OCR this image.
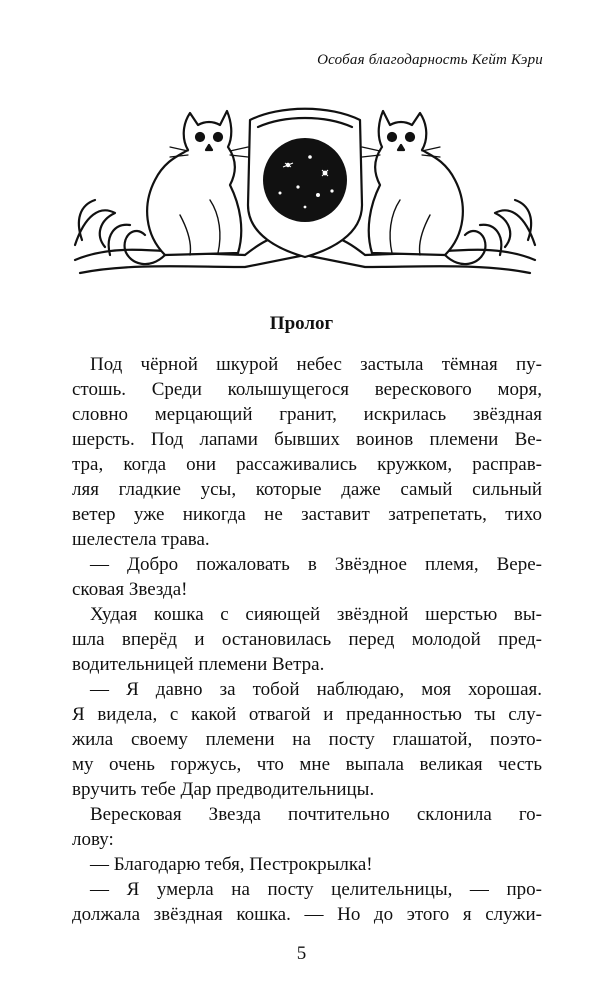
Особая благодарность Кейт Кэри
Пролог
Под чёрной шкурой небес застыла тёмная пу-
стошь. Среди колышущегося верескового моря,
словно мерцающий гранит, искрилась звёздная
шерсть. Под лапами бывших воинов племени Ве-
тра, когда они рассаживались кружком, расправ-
ляя гладкие усы, которые даже самый сильный
ветер уже никогда не заставит затрепетать, тихо
шелестела трава.
— Добро пожаловать в Звёздное племя, Вере-
сковая Звезда!
Худая кошка с сияющей звёздной шерстью вы-
шла вперёд и остановилась перед молодой пред-
водительницей племени Ветра.
— Я давно за тобой наблюдаю, моя хорошая.
Я видела, с какой отвагой и преданностью ты слу-
жила своему племени на посту глашатой, поэто-
му очень горжусь, что мне выпала великая честь
вручить тебе Дар предводительницы.
Вересковая Звезда почтительно склонила го-
лову:
— Благодарю тебя, Пестрокрылка!
— Я умерла на посту целительницы, — про-
должала звёздная кошка. — Но до этого я служи-
5
